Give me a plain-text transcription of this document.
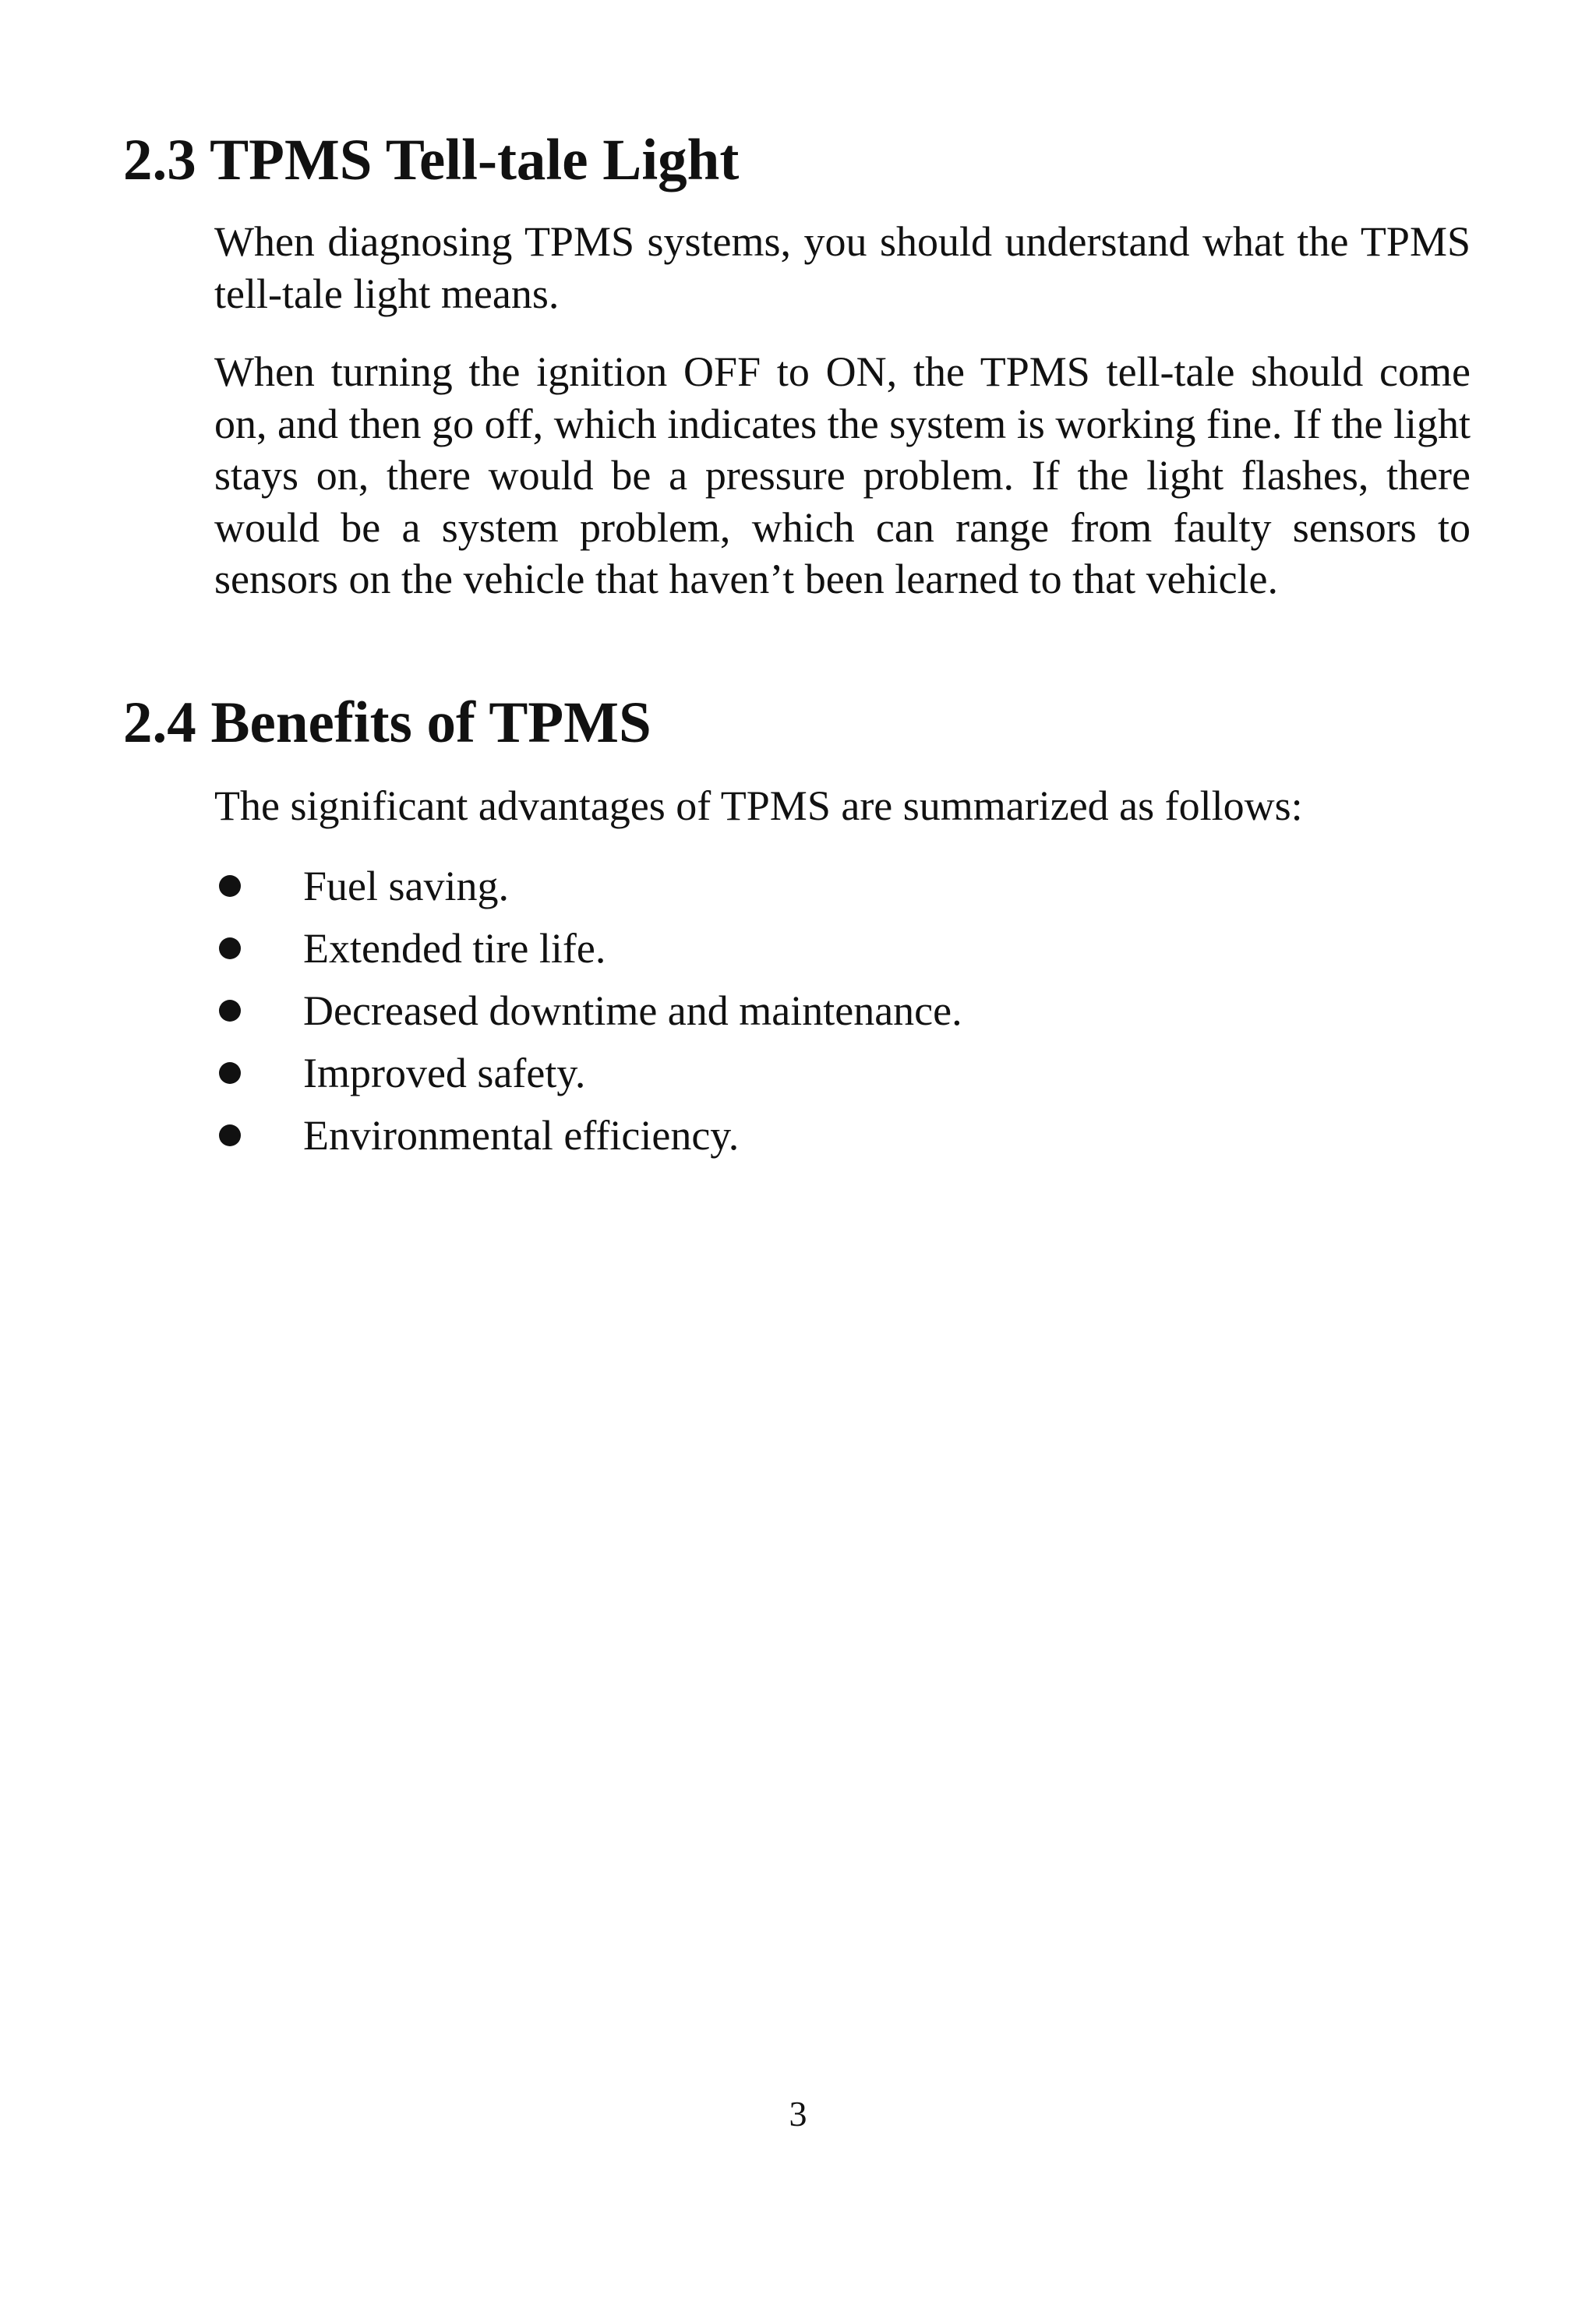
2.3 TPMS Tell-tale Light

When diagnosing TPMS systems, you should understand what the TPMS tell-tale light means.

When turning the ignition OFF to ON, the TPMS tell-tale should come on, and then go off, which indicates the system is working fine. If the light stays on, there would be a pressure problem. If the light flashes, there would be a system problem, which can range from faulty sensors to sensors on the vehicle that haven’t been learned to that vehicle.

2.4 Benefits of TPMS

The significant advantages of TPMS are summarized as follows:

Fuel saving.
Extended tire life.
Decreased downtime and maintenance.
Improved safety.
Environmental efficiency.

3
